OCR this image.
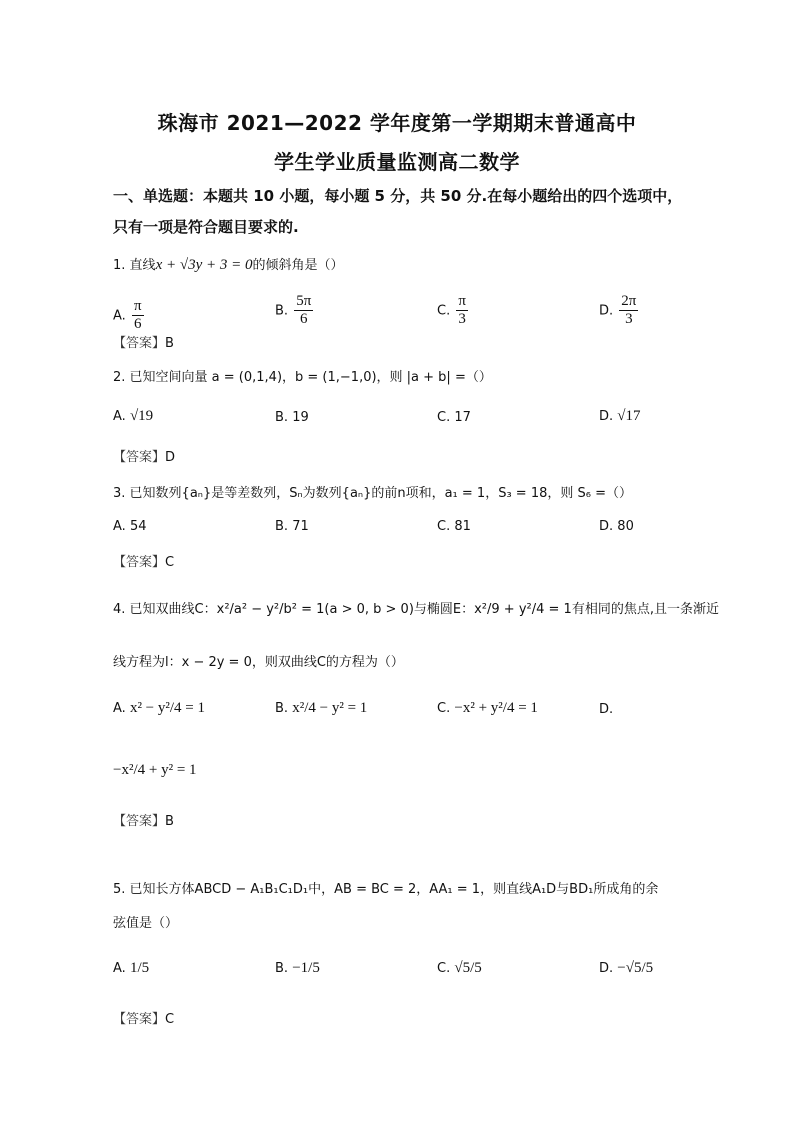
珠海市 2021—2022 学年度第一学期期末普通高中
学生学业质量监测高二数学
一、单选题：本题共 10 小题，每小题 5 分，共 50 分.在每小题给出的四个选项中，
只有一项是符合题目要求的.
1. 直线x + √3y + 3 = 0的倾斜角是（）
A. $\frac{\pi}{6}$	B. $\frac{5\pi}{6}$	C. $\frac{\pi}{3}$	D. $\frac{2\pi}{3}$
【答案】B
2. 已知空间向量 a = (0,1,4)，b = (1,−1,0)，则 |a + b| =（）
A. √19	B. 19	C. 17	D. √17
【答案】D
3. 已知数列{aₙ}是等差数列，Sₙ为数列{aₙ}的前n项和，a₁ = 1，S₃ = 18，则 S₆ =（）
A. 54	B. 71	C. 81	D. 80
【答案】C
4. 已知双曲线C：x²/a² − y²/b² = 1(a > 0, b > 0)与椭圆E：x²/9 + y²/4 = 1有相同的焦点,且一条渐近
线方程为l：x − 2y = 0，则双曲线C的方程为（）
A. x² − y²/4 = 1	B. x²/4 − y² = 1	C. −x² + y²/4 = 1	D.
−x²/4 + y² = 1
【答案】B
5. 已知长方体ABCD − A₁B₁C₁D₁中，AB = BC = 2，AA₁ = 1，则直线A₁D与BD₁所成角的余
弦值是（）
A. 1/5	B. −1/5	C. √5/5	D. −√5/5
【答案】C
